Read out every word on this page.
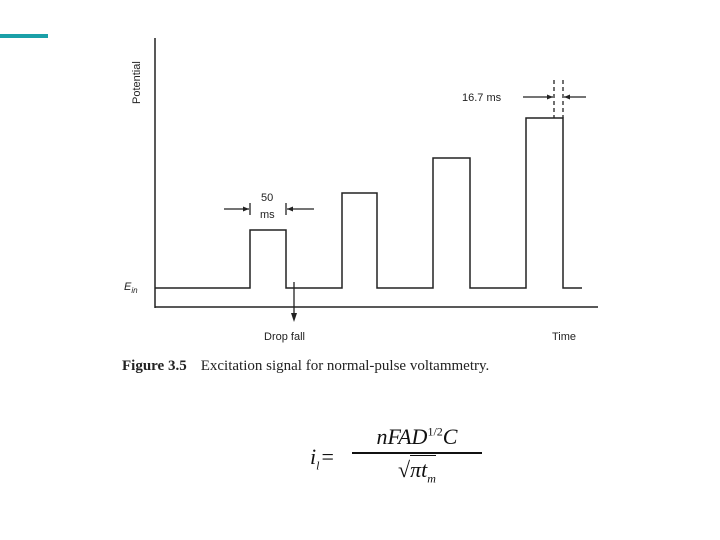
Potential
Time
$E_{in}$
50
ms
16.7 ms
Drop fall
Figure 3.5 Excitation signal for normal-pulse voltammetry.
$i_l=$
nFAD$^{1/2}$C
$√\pi t_m$
